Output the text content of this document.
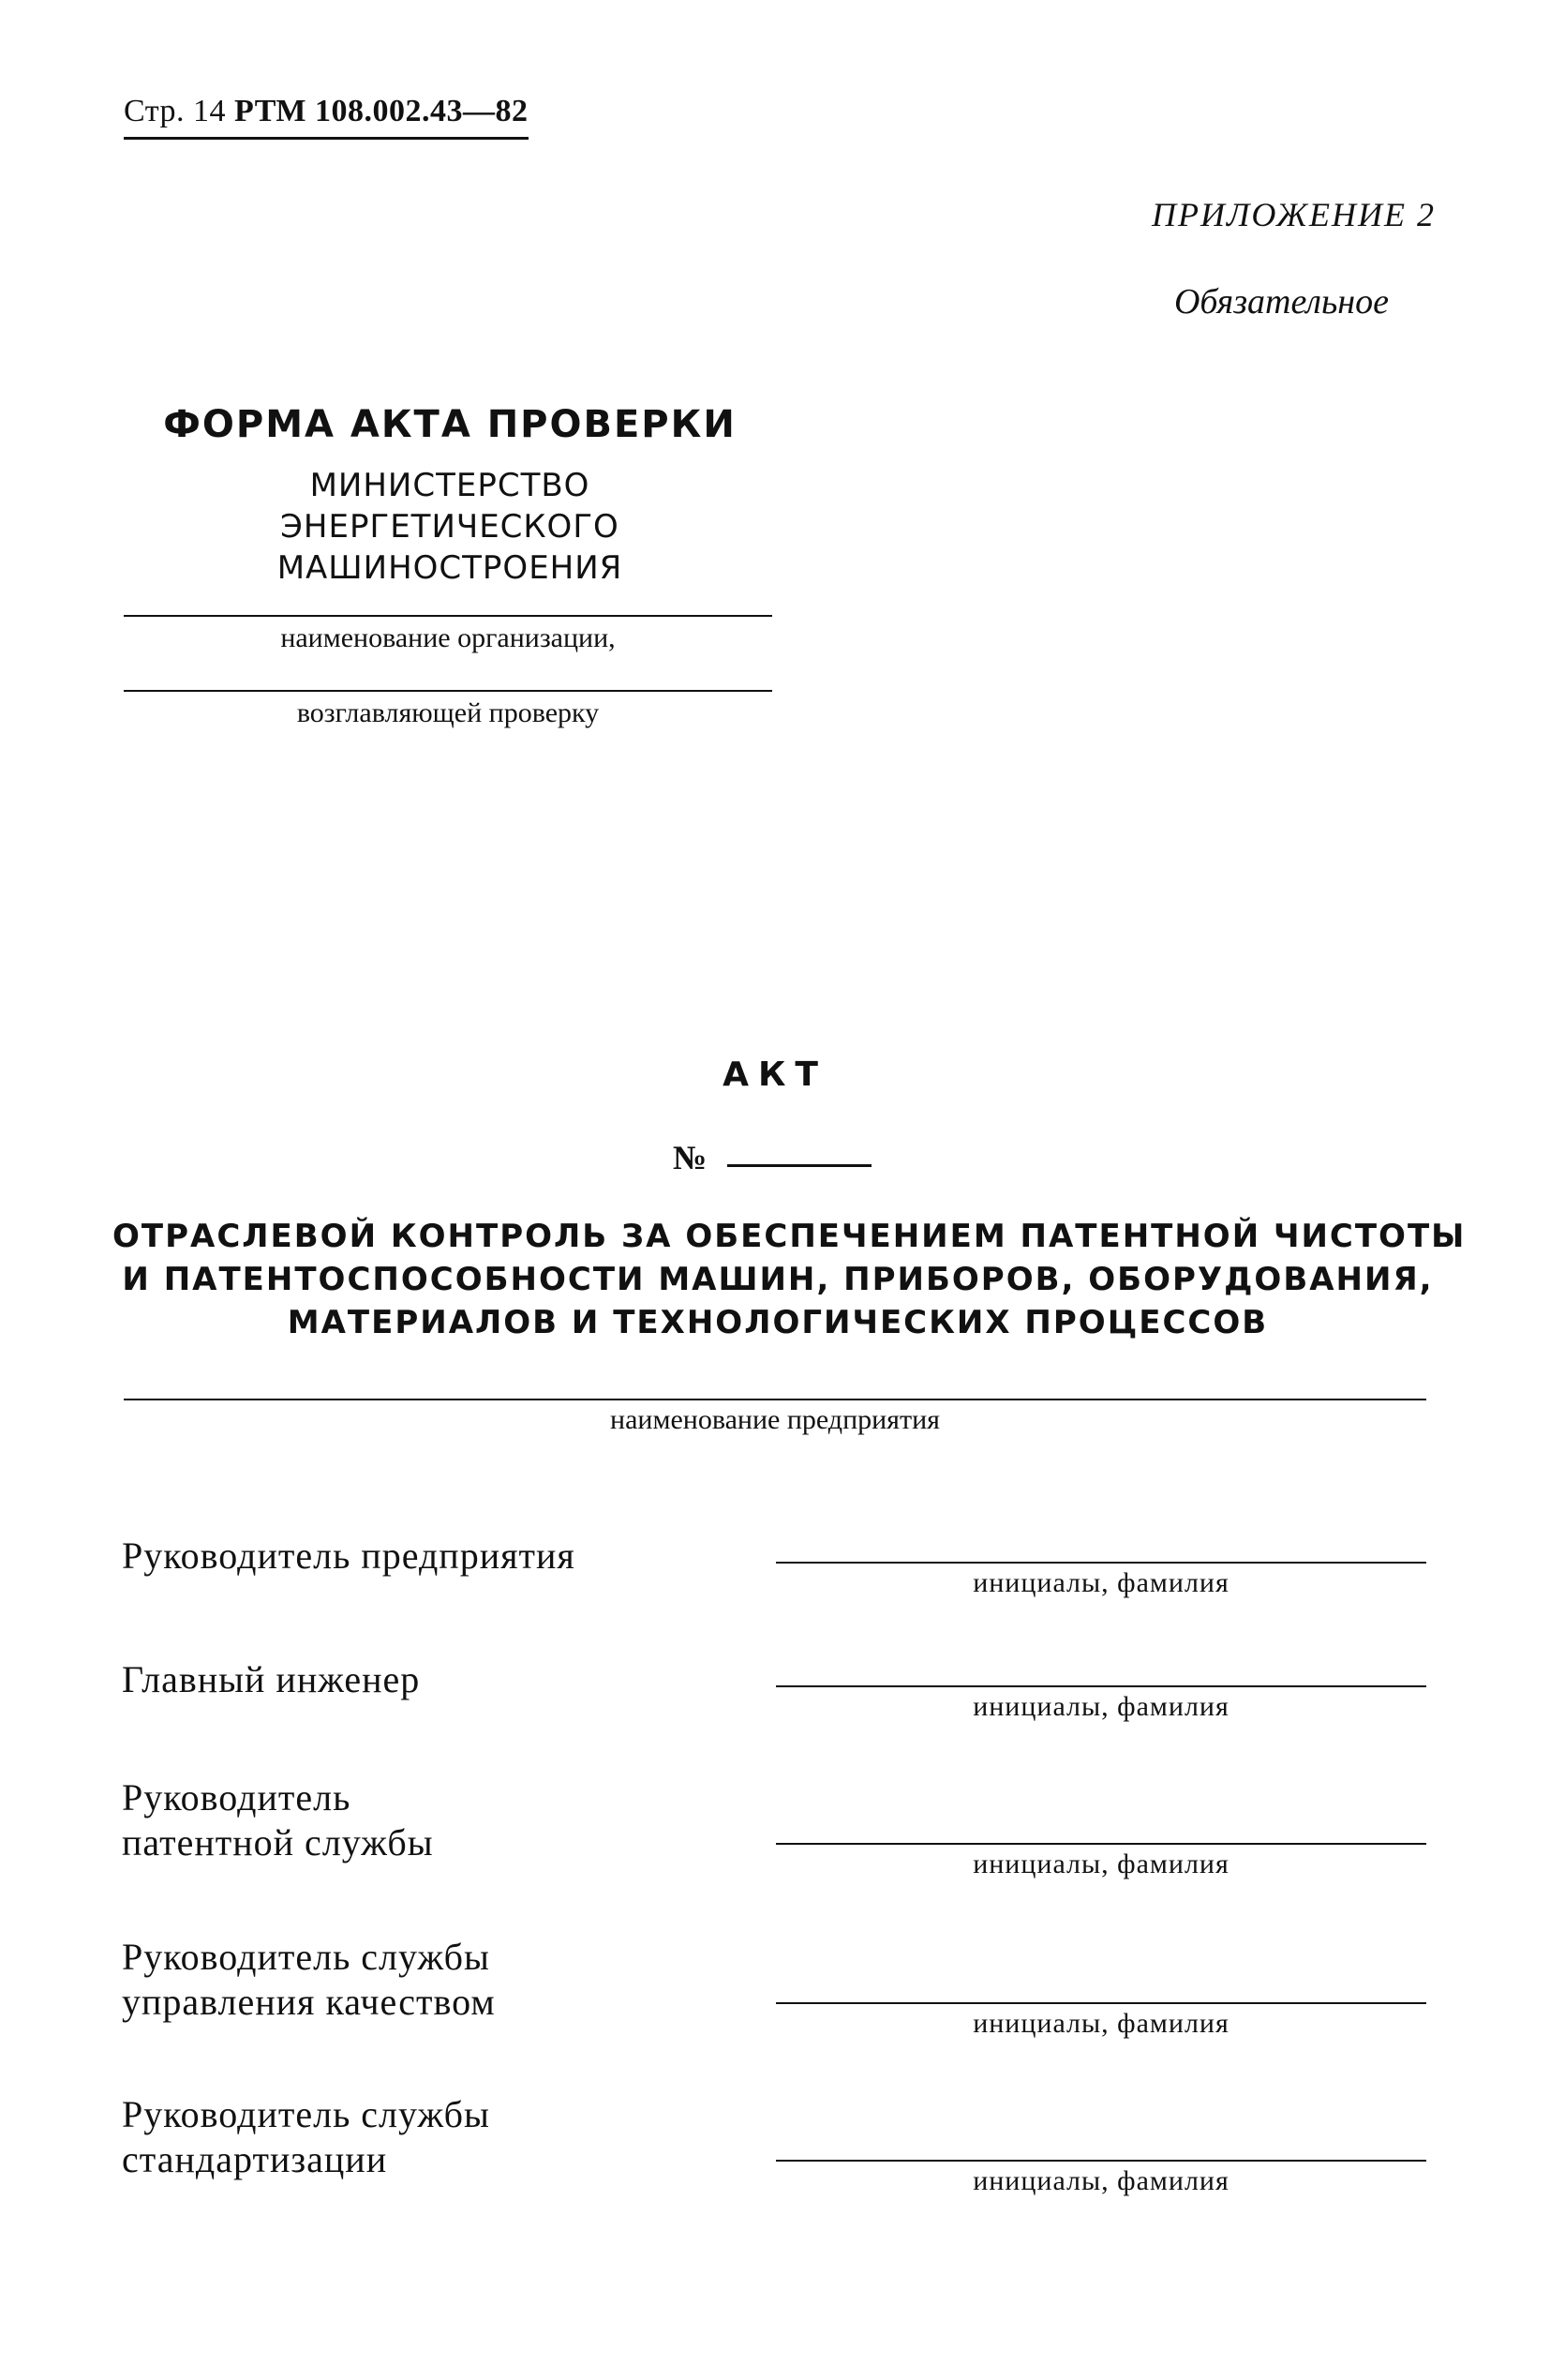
Стр. 14 РТМ 108.002.43—82
ПРИЛОЖЕНИЕ 2
Обязательное
ФОРМА АКТА ПРОВЕРКИ
МИНИСТЕРСТВО
ЭНЕРГЕТИЧЕСКОГО
МАШИНОСТРОЕНИЯ
наименование организации,
возглавляющей проверку
АКТ
№
ОТРАСЛЕВОЙ КОНТРОЛЬ ЗА ОБЕСПЕЧЕНИЕМ ПАТЕНТНОЙ ЧИСТОТЫ
И ПАТЕНТОСПОСОБНОСТИ МАШИН, ПРИБОРОВ, ОБОРУДОВАНИЯ,
МАТЕРИАЛОВ И ТЕХНОЛОГИЧЕСКИХ ПРОЦЕССОВ
наименование предприятия
Руководитель предприятия
инициалы, фамилия
Главный инженер
инициалы, фамилия
Руководитель
патентной службы
инициалы, фамилия
Руководитель службы
управления качеством
инициалы, фамилия
Руководитель службы
стандартизации
инициалы, фамилия
